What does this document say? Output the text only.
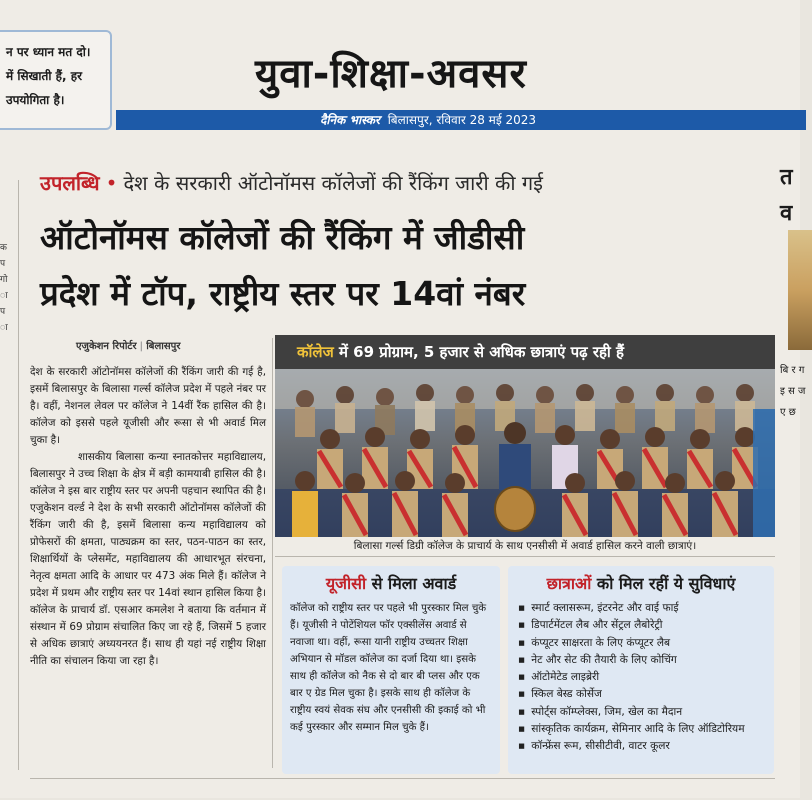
न पर ध्यान मत दो।
में सिखाती हैं, हर
उपयोगिता है।
युवा-शिक्षा-अवसर
दैनिक भास्कर बिलासपुर, रविवार 28 मई 2023
क प गो ा प ा
त व
बि र ग इ स ज ए छ
उपलब्धि • देश के सरकारी ऑटोनॉमस कॉलेजों की रैंकिंग जारी की गई
ऑटोनॉमस कॉलेजों की रैंकिंग में जीडीसी
प्रदेश में टॉप, राष्ट्रीय स्तर पर 14वां नंबर
एजुकेशन रिपोर्टर | बिलासपुर

देश के सरकारी ऑटोनॉमस कॉलेजों की रैंकिंग जारी की गई है, इसमें बिलासपुर के बिलासा गर्ल्स कॉलेज प्रदेश में पहले नंबर पर है। वहीं, नेशनल लेवल पर कॉलेज ने 14वीं रैंक हासिल की है। कॉलेज को इससे पहले यूजीसी और रूसा से भी अवार्ड मिल चुका है।

शासकीय बिलासा कन्या स्नातकोत्तर महाविद्यालय, बिलासपुर ने उच्च शिक्षा के क्षेत्र में बड़ी कामयाबी हासिल की है। कॉलेज ने इस बार राष्ट्रीय स्तर पर अपनी पहचान स्थापित की है। एजुकेशन वर्ल्ड ने देश के सभी सरकारी ऑटोनॉमस कॉलेजों की रैंकिंग जारी की है, इसमें बिलासा कन्य महाविद्यालय को प्रोफेसरों की क्षमता, पाठ्यक्रम का स्तर, पठन-पाठन का स्तर, शिक्षार्थियों के प्लेसमेंट, महाविद्यालय की आधारभूत संरचना, नेतृत्व क्षमता आदि के आधार पर 473 अंक मिले हैं। कॉलेज ने प्रदेश में प्रथम और राष्ट्रीय स्तर पर 14वां स्थान हासिल किया है। कॉलेज के प्राचार्य डॉ. एसआर कमलेश ने बताया कि वर्तमान में संस्थान में 69 प्रोग्राम संचालित किए जा रहे हैं, जिसमें 5 हजार से अधिक छात्राएं अध्ययनरत हैं। साथ ही यहां नई राष्ट्रीय शिक्षा नीति का संचालन किया जा रहा है।

कॉलेज में 69 प्रोग्राम, 5 हजार से अधिक छात्राएं पढ़ रही हैं
बिलासा गर्ल्स डिग्री कॉलेज के प्राचार्य के साथ एनसीसी में अवार्ड हासिल करने वाली छात्राएं।
यूजीसी से मिला अवार्ड

कॉलेज को राष्ट्रीय स्तर पर पहले भी पुरस्कार मिल चुके हैं। यूजीसी ने पोटेंशियल फॉर एक्सीलेंस अवार्ड से नवाजा था। वहीं, रूसा यानी राष्ट्रीय उच्चतर शिक्षा अभियान से मॉडल कॉलेज का दर्जा दिया था। इसके साथ ही कॉलेज को नैक से दो बार बी प्लस और एक बार ए ग्रेड मिल चुका है। इसके साथ ही कॉलेज के राष्ट्रीय स्वयं सेवक संघ और एनसीसी की इकाई को भी कई पुरस्कार और सम्मान मिल चुके हैं।

छात्राओं को मिल रहीं ये सुविधाएं
▪ स्मार्ट क्लासरूम, इंटरनेट और वाई फाई
▪ डिपार्टमेंटल लैब और सेंट्रल लैबोरेट्री
▪ कंप्यूटर साक्षरता के लिए कंप्यूटर लैब
▪ नेट और सेट की तैयारी के लिए कोचिंग
▪ ऑटोमेटेड लाइब्रेरी
▪ स्किल बेस्ड कोर्सेज
▪ स्पोर्ट्स कॉम्प्लेक्स, जिम, खेल का मैदान
▪ सांस्कृतिक कार्यक्रम, सेमिनार आदि के लिए ऑडिटोरियम
▪ कॉन्फ्रेंस रूम, सीसीटीवी, वाटर कूलर
